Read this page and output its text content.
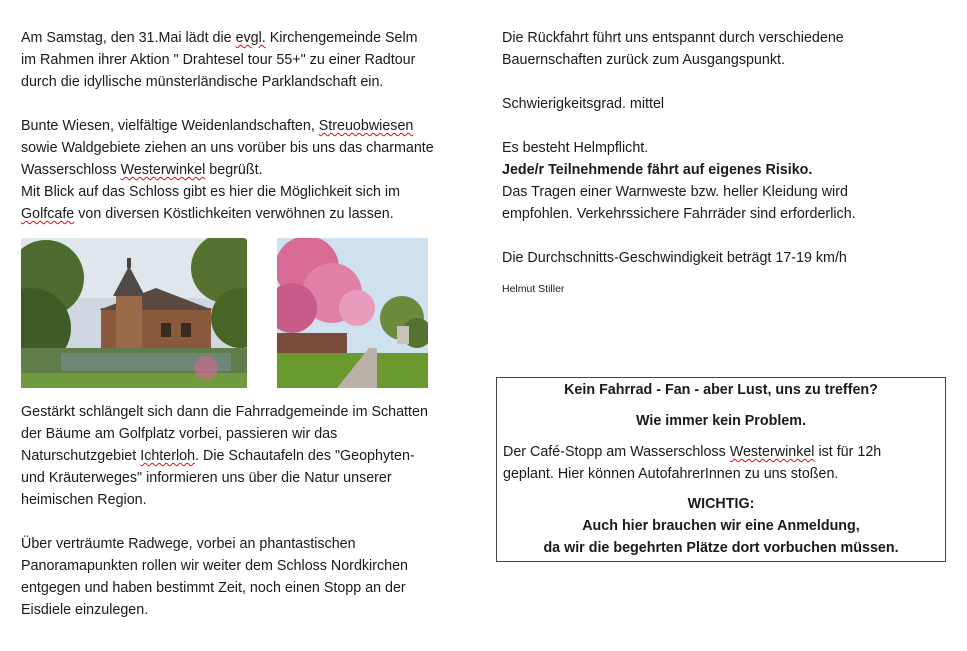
Am Samstag, den 31.Mai lädt die evgl. Kirchengemeinde Selm
im Rahmen ihrer Aktion " Drahtesel tour 55+" zu einer Radtour
durch die idyllische münsterländische Parklandschaft ein.

Bunte Wiesen, vielfältige Weidenlandschaften, Streuobwiesen
sowie Waldgebiete ziehen an uns vorüber bis uns das charmante
Wasserschloss Westerwinkel begrüßt.
Mit Blick auf das Schloss gibt es hier die Möglichkeit sich im
Golfcafe von diversen Köstlichkeiten verwöhnen zu lassen.

Gestärkt schlängelt sich dann die Fahrradgemeinde im Schatten
der Bäume am Golfplatz vorbei, passieren wir das
Naturschutzgebiet Ichterloh. Die Schautafeln des "Geophyten-
und Kräuterweges" informieren uns über die Natur unserer
heimischen Region.

Über verträumte Radwege, vorbei an phantastischen
Panoramapunkten rollen wir weiter dem Schloss Nordkirchen
entgegen und haben bestimmt Zeit, noch einen Stopp an der
Eisdiele einzulegen.

Die Rückfahrt führt uns entspannt durch verschiedene
Bauernschaften zurück zum Ausgangspunkt.

Schwierigkeitsgrad. mittel

Es besteht Helmpflicht.

Jede/r Teilnehmende fährt auf eigenes Risiko.

Das Tragen einer Warnweste bzw. heller Kleidung wird
empfohlen. Verkehrssichere Fahrräder sind erforderlich.

Die Durchschnitts-Geschwindigkeit beträgt 17-19 km/h

Helmut Stiller

Kein Fahrrad - Fan - aber Lust, uns zu treffen?

Wie immer kein Problem.

Der Café-Stopp am Wasserschloss Westerwinkel ist für 12h
geplant. Hier können AutofahrerInnen zu uns stoßen.

WICHTIG:

Auch hier brauchen wir eine Anmeldung,

da wir die begehrten Plätze dort vorbuchen müssen.
